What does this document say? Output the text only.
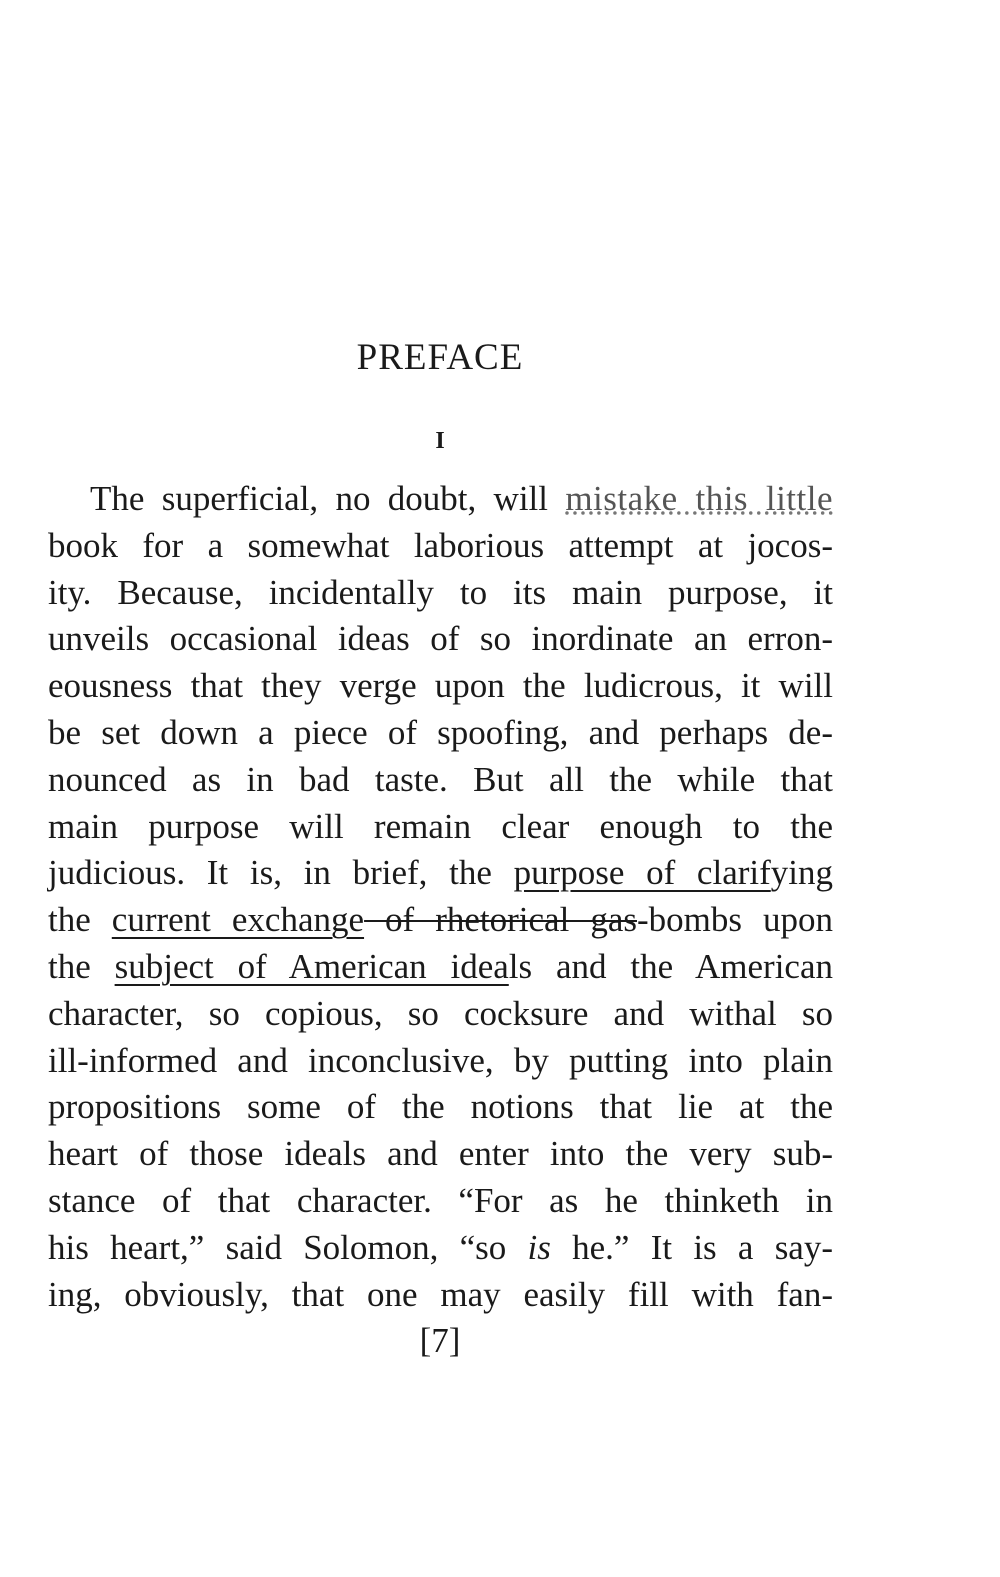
PREFACE
I
The superficial, no doubt, will mistake this little
book for a somewhat laborious attempt at jocos-
ity. Because, incidentally to its main purpose, it
unveils occasional ideas of so inordinate an erron-
eousness that they verge upon the ludicrous, it will
be set down a piece of spoofing, and perhaps de-
nounced as in bad taste. But all the while that
main purpose will remain clear enough to the
judicious. It is, in brief, the purpose of clarifying
the current exchange of rhetorical gas-bombs upon
the subject of American ideals and the American
character, so copious, so cocksure and withal so
ill-informed and inconclusive, by putting into plain
propositions some of the notions that lie at the
heart of those ideals and enter into the very sub-
stance of that character. “For as he thinketh in
his heart,” said Solomon, “so is he.” It is a say-
ing, obviously, that one may easily fill with fan-
[7]
